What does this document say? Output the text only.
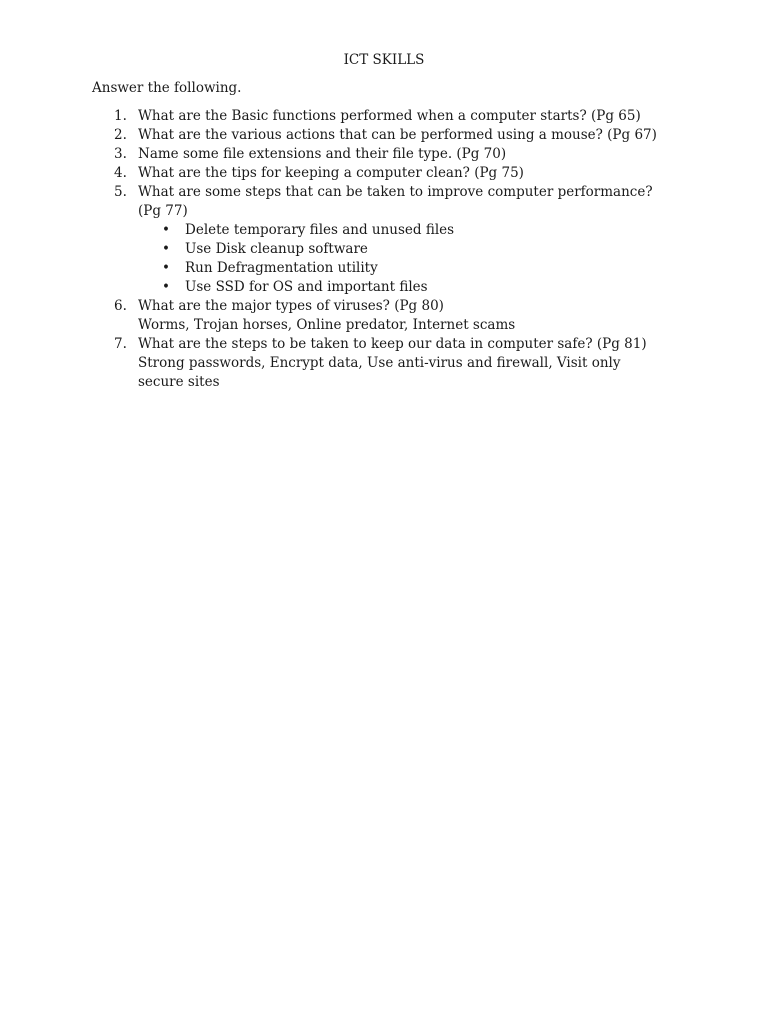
ICT SKILLS
Answer the following.
1. What are the Basic functions performed when a computer starts? (Pg 65)
2. What are the various actions that can be performed using a mouse? (Pg 67)
3. Name some file extensions and their file type. (Pg 70)
4. What are the tips for keeping a computer clean? (Pg 75)
5. What are some steps that can be taken to improve computer performance? (Pg 77)
• Delete temporary files and unused files
• Use Disk cleanup software
• Run Defragmentation utility
• Use SSD for OS and important files
6. What are the major types of viruses? (Pg 80)
Worms, Trojan horses, Online predator, Internet scams
7. What are the steps to be taken to keep our data in computer safe? (Pg 81)
Strong passwords, Encrypt data, Use anti-virus and firewall, Visit only secure sites
